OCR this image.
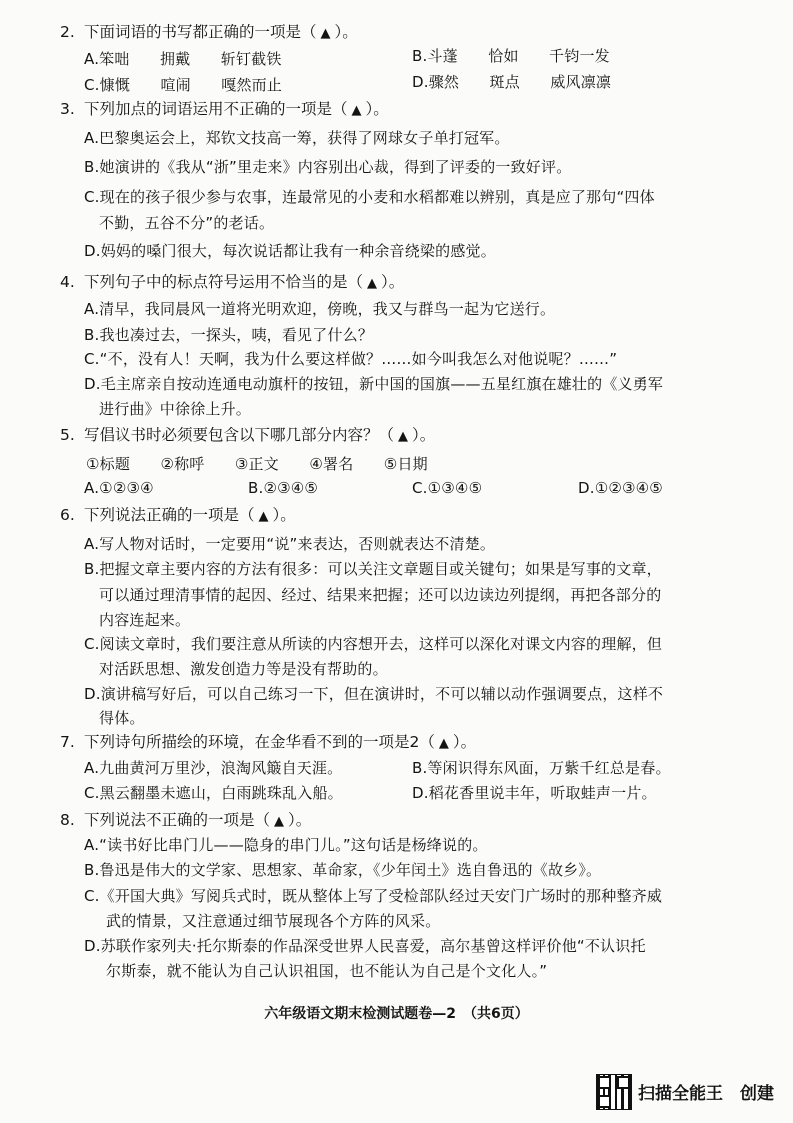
2. 下面词语的书写都正确的一项是（ ▲ ）。
A.笨咄　　拥戴　　斩钉截铁	B.斗蓬　　恰如　　千钧一发
C.慷慨　　喧闹　　嘎然而止	D.骤然　　斑点　　威风凛凛
3. 下列加点的词语运用不正确的一项是（ ▲ ）。
A.巴黎奥运会上，郑钦文技高一筹，获得了网球女子单打冠军。
B.她演讲的《我从“浙”里走来》内容别出心裁，得到了评委的一致好评。
C.现在的孩子很少参与农事，连最常见的小麦和水稻都难以辨别，真是应了那句“四体
不勤，五谷不分”的老话。
D.妈妈的嗓门很大，每次说话都让我有一种余音绕梁的感觉。
4. 下列句子中的标点符号运用不恰当的是（ ▲ ）。
A.清早，我同晨风一道将光明欢迎，傍晚，我又与群鸟一起为它送行。
B.我也凑过去，一探头，咦，看见了什么？
C.“不，没有人！天啊，我为什么要这样做？……如今叫我怎么对他说呢？……”
D.毛主席亲自按动连通电动旗杆的按钮，新中国的国旗——五星红旗在雄壮的《义勇军
进行曲》中徐徐上升。
5. 写倡议书时必须要包含以下哪几部分内容？（ ▲ ）。
①标题　　②称呼　　③正文　　④署名　　⑤日期
A.①②③④	B.②③④⑤	C.①③④⑤	D.①②③④⑤
6. 下列说法正确的一项是（ ▲ ）。
A.写人物对话时，一定要用“说”来表达，否则就表达不清楚。
B.把握文章主要内容的方法有很多：可以关注文章题目或关键句；如果是写事的文章，
可以通过理清事情的起因、经过、结果来把握；还可以边读边列提纲，再把各部分的
内容连起来。
C.阅读文章时，我们要注意从所读的内容想开去，这样可以深化对课文内容的理解，但
对活跃思想、激发创造力等是没有帮助的。
D.演讲稿写好后，可以自己练习一下，但在演讲时，不可以辅以动作强调要点，这样不
得体。
7. 下列诗句所描绘的环境，在金华看不到的一项是2（ ▲ ）。
A.九曲黄河万里沙，浪淘风簸自天涯。	B.等闲识得东风面，万紫千红总是春。
C.黑云翻墨未遮山，白雨跳珠乱入船。	D.稻花香里说丰年，听取蛙声一片。
8. 下列说法不正确的一项是（ ▲ ）。
A.“读书好比串门儿——隐身的串门儿。”这句话是杨绛说的。
B.鲁迅是伟大的文学家、思想家、革命家，《少年闰土》选自鲁迅的《故乡》。
C.《开国大典》写阅兵式时，既从整体上写了受检部队经过天安门广场时的那种整齐威
武的情景，又注意通过细节展现各个方阵的风采。
D.苏联作家列夫·托尔斯泰的作品深受世界人民喜爱，高尔基曾这样评价他“不认识托
尔斯泰，就不能认为自己认识祖国，也不能认为自己是个文化人。”
六年级语文期末检测试题卷—2　（共6页）
扫描全能王　创建
